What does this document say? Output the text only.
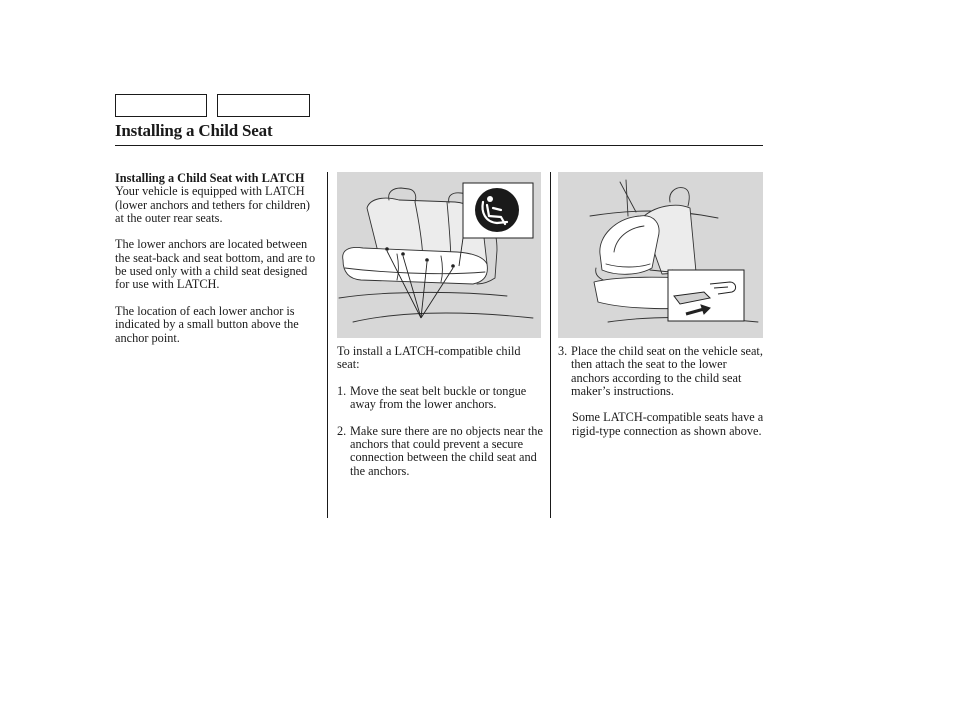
Installing a Child Seat
Installing a Child Seat with LATCH
Your vehicle is equipped with LATCH (lower anchors and tethers for children) at the outer rear seats.
The lower anchors are located between the seat-back and seat bottom, and are to be used only with a child seat designed for use with LATCH.
The location of each lower anchor is indicated by a small button above the anchor point.
To install a LATCH-compatible child seat:
1. Move the seat belt buckle or tongue away from the lower anchors.
2. Make sure there are no objects near the anchors that could prevent a secure connection between the child seat and the anchors.
3. Place the child seat on the vehicle seat, then attach the seat to the lower anchors according to the child seat maker’s instructions.
Some LATCH-compatible seats have a rigid-type connection as shown above.
